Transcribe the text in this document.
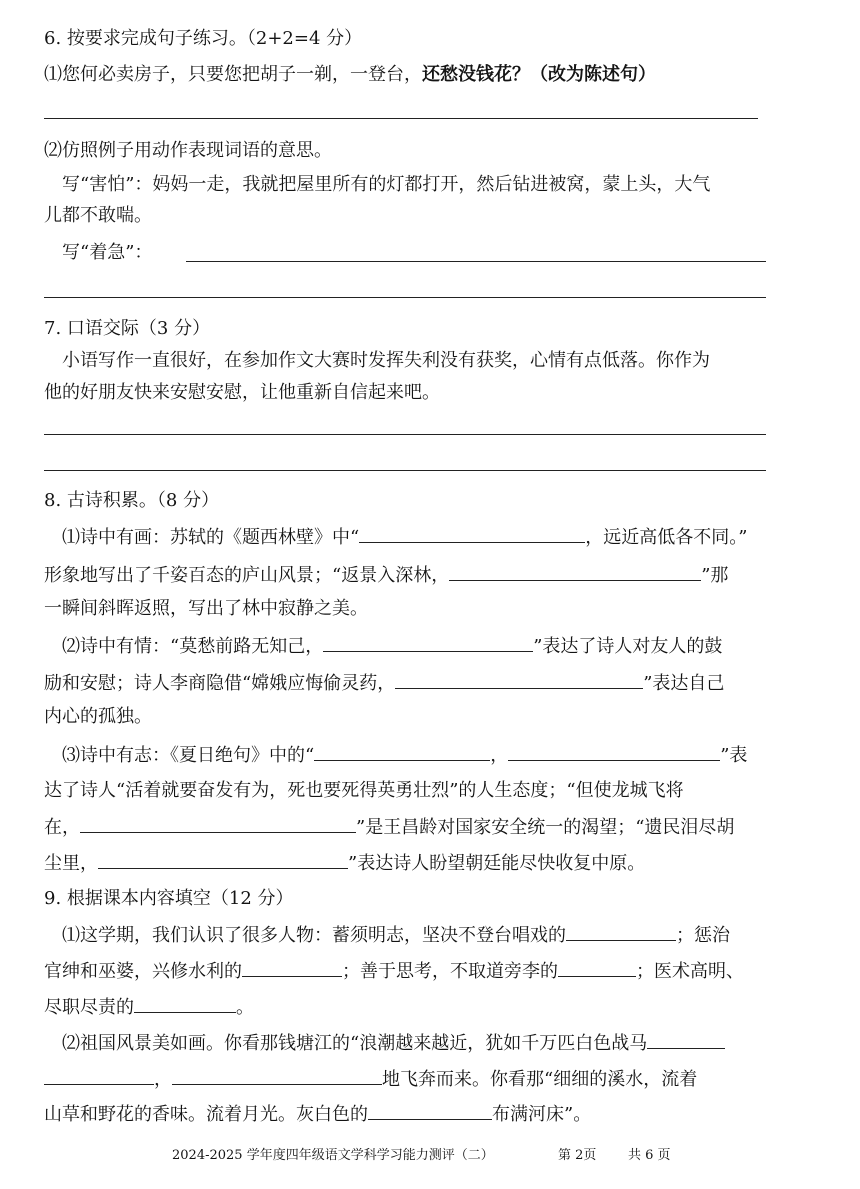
6. 按要求完成句子练习。（2+2=4 分）
⑴您何必卖房子，只要您把胡子一剃，一登台，还愁没钱花？（改为陈述句）
⑵仿照例子用动作表现词语的意思。
写“害怕”：妈妈一走，我就把屋里所有的灯都打开，然后钻进被窝，蒙上头，大气
儿都不敢喘。
写“着急”：
7. 口语交际（3 分）
小语写作一直很好，在参加作文大赛时发挥失利没有获奖，心情有点低落。你作为
他的好朋友快来安慰安慰，让他重新自信起来吧。
8. 古诗积累。（8 分）
⑴诗中有画：苏轼的《题西林壁》中“	，远近高低各不同。”
形象地写出了千姿百态的庐山风景；“返景入深林，	”那
一瞬间斜晖返照，写出了林中寂静之美。
⑵诗中有情：“莫愁前路无知己，	”表达了诗人对友人的鼓
励和安慰；诗人李商隐借“嫦娥应悔偷灵药，	”表达自己
内心的孤独。
⑶诗中有志：《夏日绝句》中的“	，	”表
达了诗人“活着就要奋发有为，死也要死得英勇壮烈”的人生态度；“但使龙城飞将
在，	”是王昌龄对国家安全统一的渴望；“遗民泪尽胡
尘里，	”表达诗人盼望朝廷能尽快收复中原。
9. 根据课本内容填空（12 分）
⑴这学期，我们认识了很多人物：蓄须明志，坚决不登台唱戏的	；惩治
官绅和巫婆，兴修水利的	；善于思考，不取道旁李的	；医术高明、
尽职尽责的	。
⑵祖国风景美如画。你看那钱塘江的“浪潮越来越近，犹如千万匹白色战马
，	地飞奔而来。你看那“细细的溪水，流着
山草和野花的香味。流着月光。灰白色的	布满河床”。
2024-2025 学年度四年级语文学科学习能力测评（二）	第 2页 共 6 页
